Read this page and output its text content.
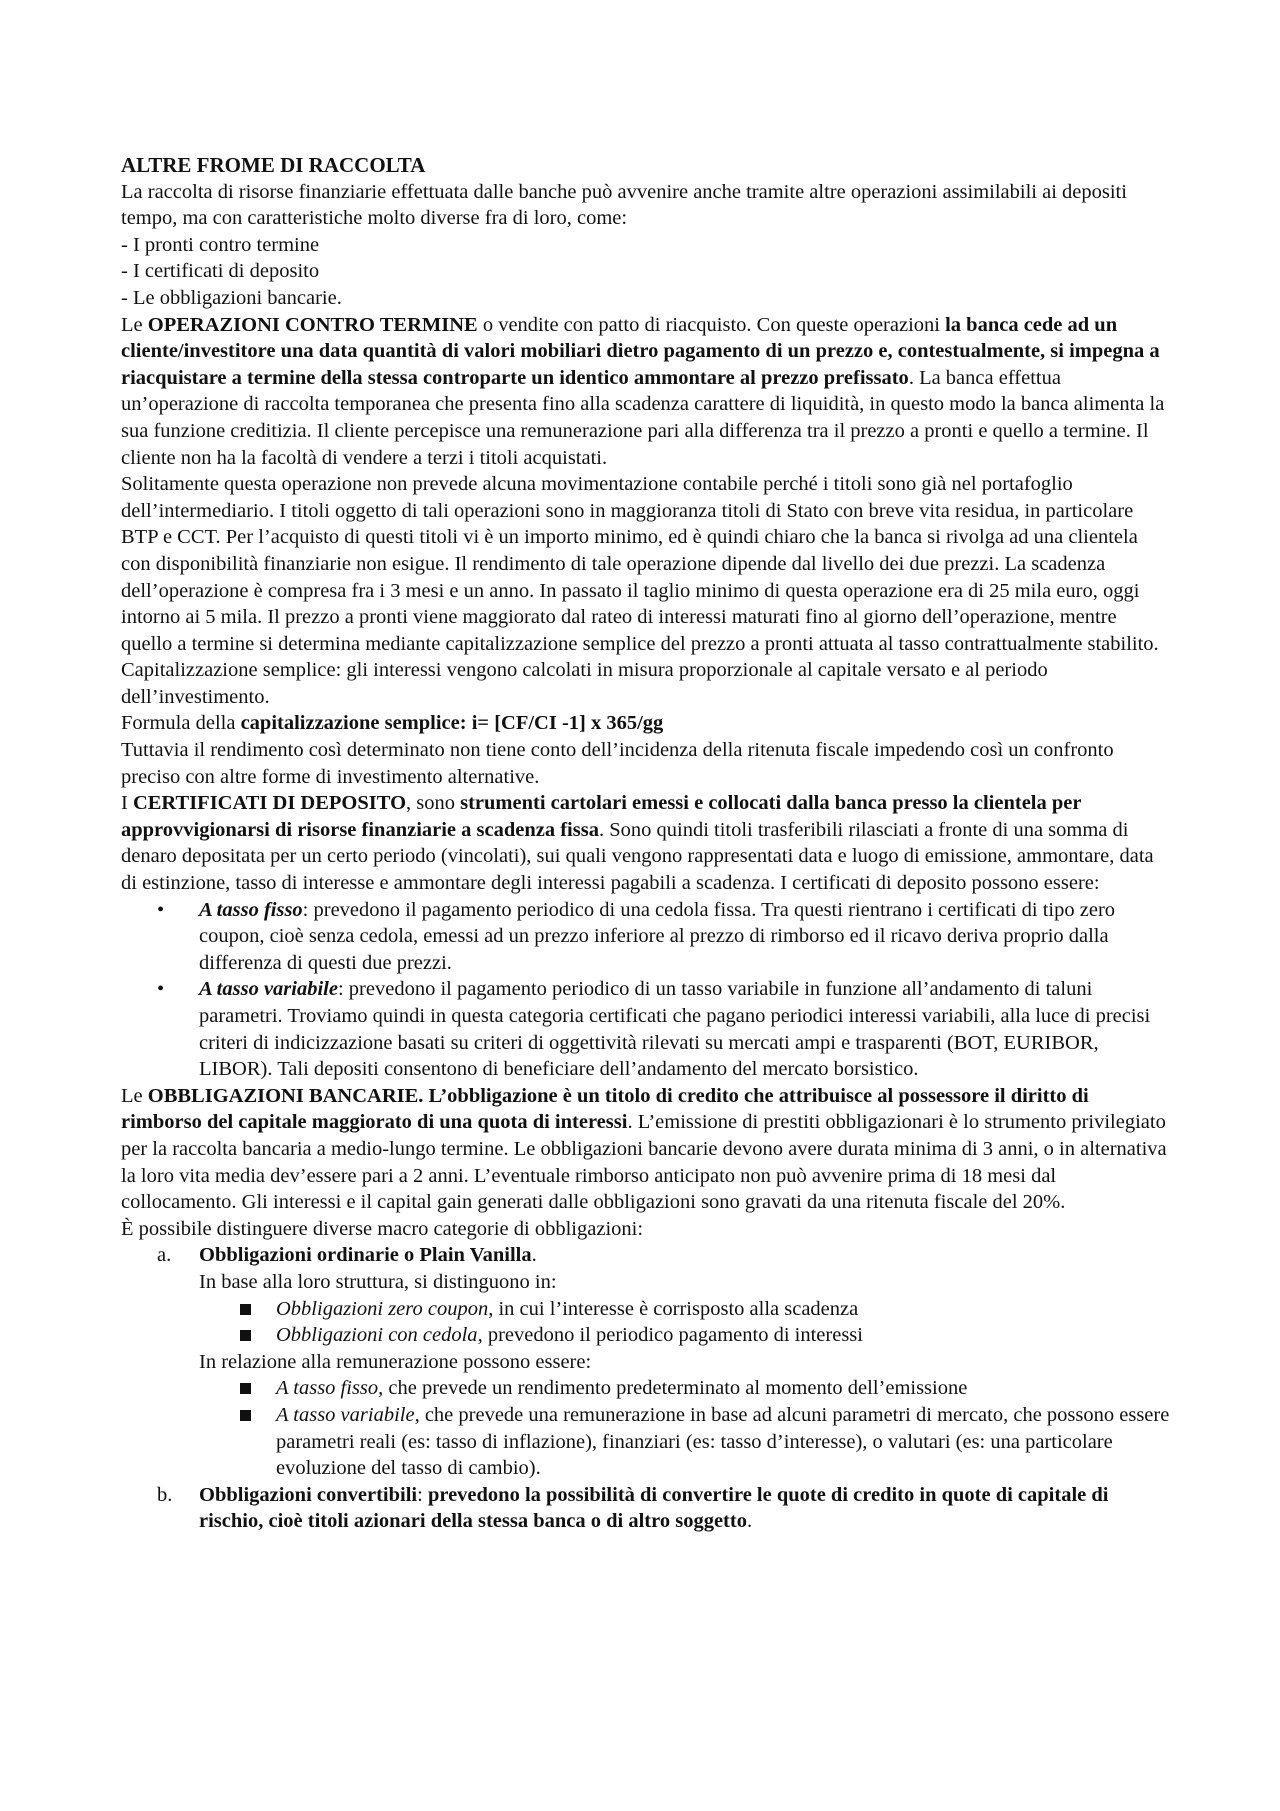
ALTRE FROME DI RACCOLTA

La raccolta di risorse finanziarie effettuata dalle banche può avvenire anche tramite altre operazioni assimilabili ai depositi tempo, ma con caratteristiche molto diverse fra di loro, come:

- I pronti contro termine

- I certificati di deposito

- Le obbligazioni bancarie.

Le OPERAZIONI CONTRO TERMINE o vendite con patto di riacquisto. Con queste operazioni la banca cede ad un cliente/investitore una data quantità di valori mobiliari dietro pagamento di un prezzo e, contestualmente, si impegna a riacquistare a termine della stessa controparte un identico ammontare al prezzo prefissato. La banca effettua un’operazione di raccolta temporanea che presenta fino alla scadenza carattere di liquidità, in questo modo la banca alimenta la sua funzione creditizia. Il cliente percepisce una remunerazione pari alla differenza tra il prezzo a pronti e quello a termine. Il cliente non ha la facoltà di vendere a terzi i titoli acquistati.

Solitamente questa operazione non prevede alcuna movimentazione contabile perché i titoli sono già nel portafoglio dell’intermediario. I titoli oggetto di tali operazioni sono in maggioranza titoli di Stato con breve vita residua, in particolare BTP e CCT. Per l’acquisto di questi titoli vi è un importo minimo, ed è quindi chiaro che la banca si rivolga ad una clientela con disponibilità finanziarie non esigue. Il rendimento di tale operazione dipende dal livello dei due prezzi. La scadenza dell’operazione è compresa fra i 3 mesi e un anno. In passato il taglio minimo di questa operazione era di 25 mila euro, oggi intorno ai 5 mila. Il prezzo a pronti viene maggiorato dal rateo di interessi maturati fino al giorno dell’operazione, mentre quello a termine si determina mediante capitalizzazione semplice del prezzo a pronti attuata al tasso contrattualmente stabilito. Capitalizzazione semplice: gli interessi vengono calcolati in misura proporzionale al capitale versato e al periodo dell’investimento.

Formula della capitalizzazione semplice: i= [CF/CI -1] x 365/gg

Tuttavia il rendimento così determinato non tiene conto dell’incidenza della ritenuta fiscale impedendo così un confronto preciso con altre forme di investimento alternative.

I CERTIFICATI DI DEPOSITO, sono strumenti cartolari emessi e collocati dalla banca presso la clientela per approvvigionarsi di risorse finanziarie a scadenza fissa. Sono quindi titoli trasferibili rilasciati a fronte di una somma di denaro depositata per un certo periodo (vincolati), sui quali vengono rappresentati data e luogo di emissione, ammontare, data di estinzione, tasso di interesse e ammontare degli interessi pagabili a scadenza. I certificati di deposito possono essere:

• A tasso fisso: prevedono il pagamento periodico di una cedola fissa. Tra questi rientrano i certificati di tipo zero coupon, cioè senza cedola, emessi ad un prezzo inferiore al prezzo di rimborso ed il ricavo deriva proprio dalla differenza di questi due prezzi.

• A tasso variabile: prevedono il pagamento periodico di un tasso variabile in funzione all’andamento di taluni parametri. Troviamo quindi in questa categoria certificati che pagano periodici interessi variabili, alla luce di precisi criteri di indicizzazione basati su criteri di oggettività rilevati su mercati ampi e trasparenti (BOT, EURIBOR, LIBOR). Tali depositi consentono di beneficiare dell’andamento del mercato borsistico.

Le OBBLIGAZIONI BANCARIE. L’obbligazione è un titolo di credito che attribuisce al possessore il diritto di rimborso del capitale maggiorato di una quota di interessi. L’emissione di prestiti obbligazionari è lo strumento privilegiato per la raccolta bancaria a medio-lungo termine. Le obbligazioni bancarie devono avere durata minima di 3 anni, o in alternativa la loro vita media dev’essere pari a 2 anni. L’eventuale rimborso anticipato non può avvenire prima di 18 mesi dal collocamento. Gli interessi e il capital gain generati dalle obbligazioni sono gravati da una ritenuta fiscale del 20%.

È possibile distinguere diverse macro categorie di obbligazioni:

a. Obbligazioni ordinarie o Plain Vanilla.

In base alla loro struttura, si distinguono in:

Obbligazioni zero coupon, in cui l’interesse è corrisposto alla scadenza

Obbligazioni con cedola, prevedono il periodico pagamento di interessi

In relazione alla remunerazione possono essere:

A tasso fisso, che prevede un rendimento predeterminato al momento dell’emissione

A tasso variabile, che prevede una remunerazione in base ad alcuni parametri di mercato, che possono essere parametri reali (es: tasso di inflazione), finanziari (es: tasso d’interesse), o valutari (es: una particolare evoluzione del tasso di cambio).

b. Obbligazioni convertibili: prevedono la possibilità di convertire le quote di credito in quote di capitale di rischio, cioè titoli azionari della stessa banca o di altro soggetto.
